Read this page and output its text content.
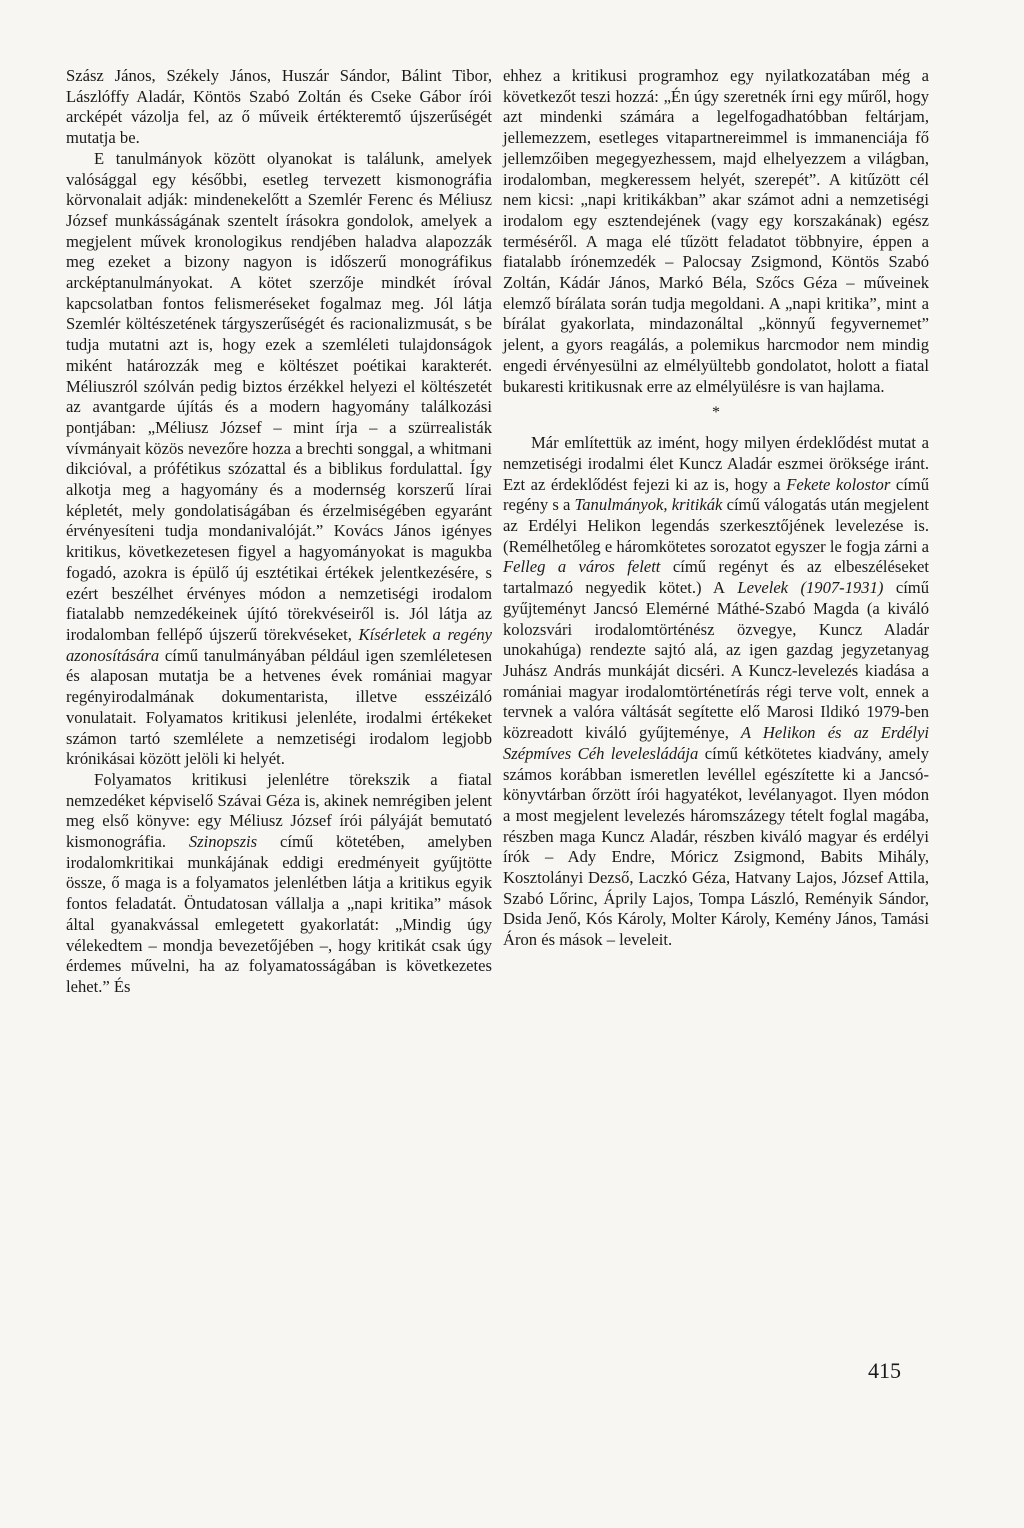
Szász János, Székely János, Huszár Sándor, Bálint Tibor, Lászlóffy Aladár, Köntös Szabó Zoltán és Cseke Gábor írói arcképét vázolja fel, az ő műveik értékteremtő újszerűségét mutatja be.

E tanulmányok között olyanokat is találunk, amelyek valósággal egy későbbi, esetleg tervezett kismonográfia körvonalait adják: mindenekelőtt a Szemlér Ferenc és Méliusz József munkásságának szentelt írásokra gondolok, amelyek a megjelent művek kronologikus rendjében haladva alapozzák meg ezeket a bizony nagyon is időszerű monográfikus arcképtanulmányokat. A kötet szerzője mindkét íróval kapcsolatban fontos felismeréseket fogalmaz meg. Jól látja Szemlér költészetének tárgyszerűségét és racionalizmusát, s be tudja mutatni azt is, hogy ezek a szemléleti tulajdonságok miként határozzák meg e költészet poétikai karakterét. Méliuszról szólván pedig biztos érzékkel helyezi el költészetét az avantgarde újítás és a modern hagyomány találkozási pontjában: „Méliusz József – mint írja – a szürrealisták vívmányait közös nevezőre hozza a brechti songgal, a whitmani dikcióval, a prófétikus szózattal és a biblikus fordulattal. Így alkotja meg a hagyomány és a modernség korszerű lírai képletét, mely gondolatiságában és érzelmiségében egyaránt érvényesíteni tudja mondanivalóját.” Kovács János igényes kritikus, következetesen figyel a hagyományokat is magukba fogadó, azokra is épülő új esztétikai értékek jelentkezésére, s ezért beszélhet érvényes módon a nemzetiségi irodalom fiatalabb nemzedékeinek újító törekvéseiről is. Jól látja az irodalomban fellépő újszerű törekvéseket, Kísérletek a regény azonosítására című tanulmányában például igen szemléletesen és alaposan mutatja be a hetvenes évek romániai magyar regényirodalmának dokumentarista, illetve esszéizáló vonulatait. Folyamatos kritikusi jelenléte, irodalmi értékeket számon tartó szemlélete a nemzetiségi irodalom legjobb krónikásai között jelöli ki helyét.

Folyamatos kritikusi jelenlétre törekszik a fiatal nemzedéket képviselő Szávai Géza is, akinek nemrégiben jelent meg első könyve: egy Méliusz József írói pályáját bemutató kismonográfia. Szinopszis című kötetében, amelyben irodalomkritikai munkájának eddigi eredményeit gyűjtötte össze, ő maga is a folyamatos jelenlétben látja a kritikus egyik fontos feladatát. Öntudatosan vállalja a „napi kritika” mások által gyanakvással emlegetett gyakorlatát: „Mindig úgy vélekedtem – mondja bevezetőjében –, hogy kritikát csak úgy érdemes művelni, ha az folyamatosságában is következetes lehet.” És

ehhez a kritikusi programhoz egy nyilatkozatában még a következőt teszi hozzá: „Én úgy szeretnék írni egy műről, hogy azt mindenki számára a legelfogadhatóbban feltárjam, jellemezzem, esetleges vitapartnereimmel is immanenciája fő jellemzőiben megegyezhessem, majd elhelyezzem a világban, irodalomban, megkeressem helyét, szerepét”. A kitűzött cél nem kicsi: „napi kritikákban” akar számot adni a nemzetiségi irodalom egy esztendejének (vagy egy korszakának) egész terméséről. A maga elé tűzött feladatot többnyire, éppen a fiatalabb írónemzedék – Palocsay Zsigmond, Köntös Szabó Zoltán, Kádár János, Markó Béla, Szőcs Géza – műveinek elemző bírálata során tudja megoldani. A „napi kritika”, mint a bírálat gyakorlata, mindazonáltal „könnyű fegyvernemet” jelent, a gyors reagálás, a polemikus harcmodor nem mindig engedi érvényesülni az elmélyültebb gondolatot, holott a fiatal bukaresti kritikusnak erre az elmélyülésre is van hajlama.

*

Már említettük az imént, hogy milyen érdeklődést mutat a nemzetiségi irodalmi élet Kuncz Aladár eszmei öröksége iránt. Ezt az érdeklődést fejezi ki az is, hogy a Fekete kolostor című regény s a Tanulmányok, kritikák című válogatás után megjelent az Erdélyi Helikon legendás szerkesztőjének levelezése is. (Remélhetőleg e háromkötetes sorozatot egyszer le fogja zárni a Felleg a város felett című regényt és az elbeszéléseket tartalmazó negyedik kötet.) A Levelek (1907-1931) című gyűjteményt Jancsó Elemérné Máthé-Szabó Magda (a kiváló kolozsvári irodalomtörténész özvegye, Kuncz Aladár unokahúga) rendezte sajtó alá, az igen gazdag jegyzetanyag Juhász András munkáját dicséri. A Kuncz-levelezés kiadása a romániai magyar irodalomtörténetírás régi terve volt, ennek a tervnek a valóra váltását segítette elő Marosi Ildikó 1979-ben közreadott kiváló gyűjteménye, A Helikon és az Erdélyi Szépmíves Céh levelesládája című kétkötetes kiadvány, amely számos korábban ismeretlen levéllel egészítette ki a Jancsó-könyvtárban őrzött írói hagyatékot, levélanyagot. Ilyen módon a most megjelent levelezés háromszázegy tételt foglal magába, részben maga Kuncz Aladár, részben kiváló magyar és erdélyi írók – Ady Endre, Móricz Zsigmond, Babits Mihály, Kosztolányi Dezső, Laczkó Géza, Hatvany Lajos, József Attila, Szabó Lőrinc, Áprily Lajos, Tompa László, Reményik Sándor, Dsida Jenő, Kós Károly, Molter Károly, Kemény János, Tamási Áron és mások – leveleit.

415
